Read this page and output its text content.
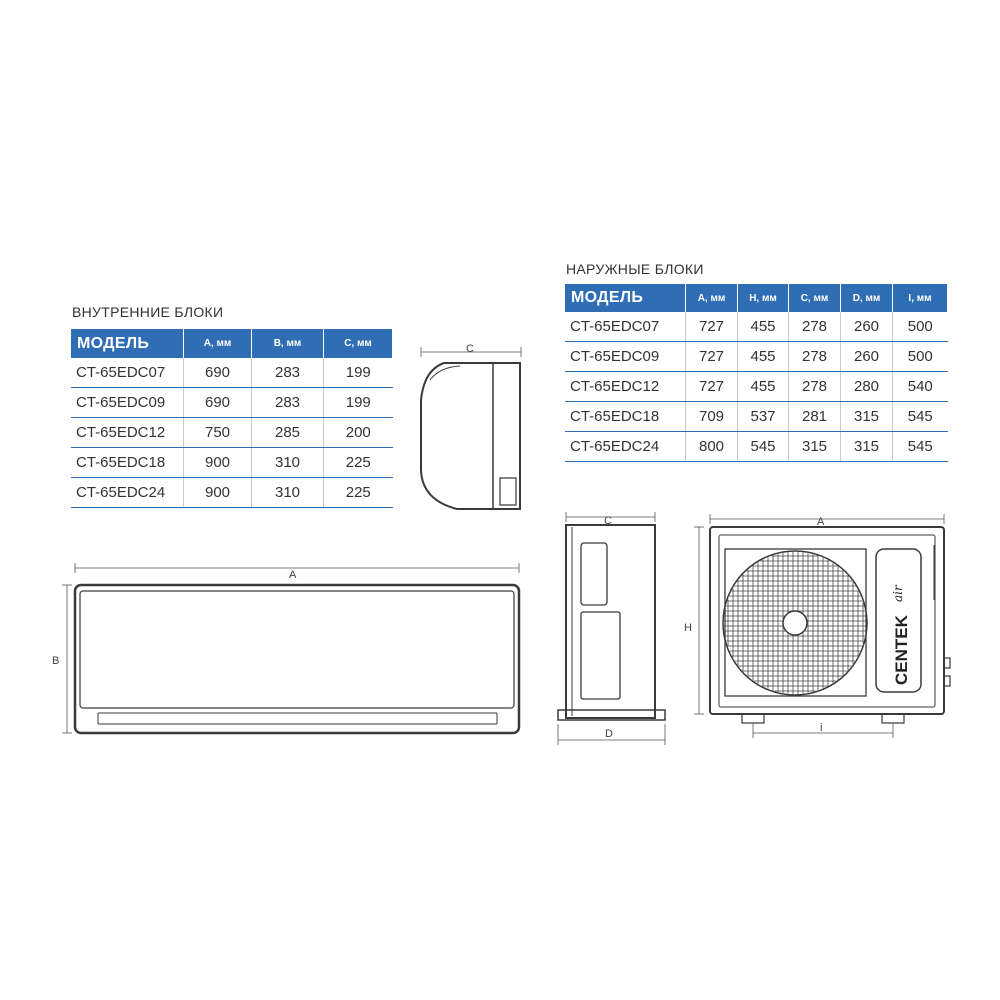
ВНУТРЕННИЕ БЛОКИ
НАРУЖНЫЕ БЛОКИ
МОДЕЛЬ	А, мм	В, мм	С, мм
CT-65EDC07	690	283	199
CT-65EDC09	690	283	199
CT-65EDC12	750	285	200
CT-65EDC18	900	310	225
CT-65EDC24	900	310	225
МОДЕЛЬ	А, мм	Н, мм	С, мм	D, мм	I, мм
CT-65EDC07	727	455	278	260	500
CT-65EDC09	727	455	278	260	500
CT-65EDC12	727	455	278	280	540
CT-65EDC18	709	537	281	315	545
CT-65EDC24	800	545	315	315	545
C
A
B
C
D
CENTEK
air
A
H
i
